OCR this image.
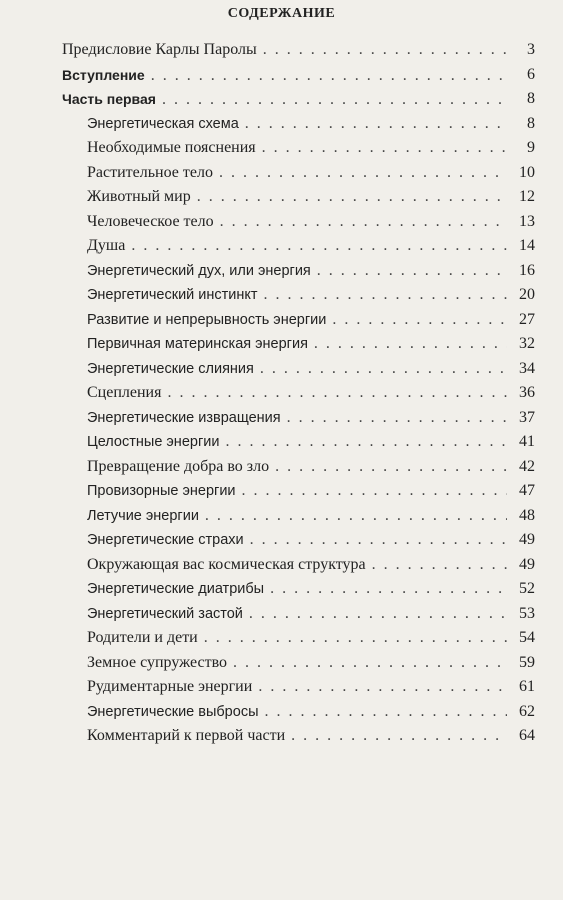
СОДЕРЖАНИЕ
Предисловие Карлы Паролы . . .	3
Вступление . . .	6
Часть первая . . .	8
Энергетическая схема . . .	8
Необходимые пояснения . . .	9
Растительное тело . . .	10
Животный мир . . .	12
Человеческое тело . . .	13
Душа . . .	14
Энергетический дух, или энергия . . .	16
Энергетический инстинкт . . .	20
Развитие и непрерывность энергии . . .	27
Первичная материнская энергия . . .	32
Энергетические слияния . . .	34
Сцепления . . .	36
Энергетические извращения . . .	37
Целостные энергии . . .	41
Превращение добра во зло . . .	42
Провизорные энергии . . .	47
Летучие энергии . . .	48
Энергетические страхи . . .	49
Окружающая вас космическая структура . . .	49
Энергетические диатрибы . . .	52
Энергетический застой . . .	53
Родители и дети . . .	54
Земное супружество . . .	59
Рудиментарные энергии . . .	61
Энергетические выбросы . . .	62
Комментарий к первой части . . .	64
